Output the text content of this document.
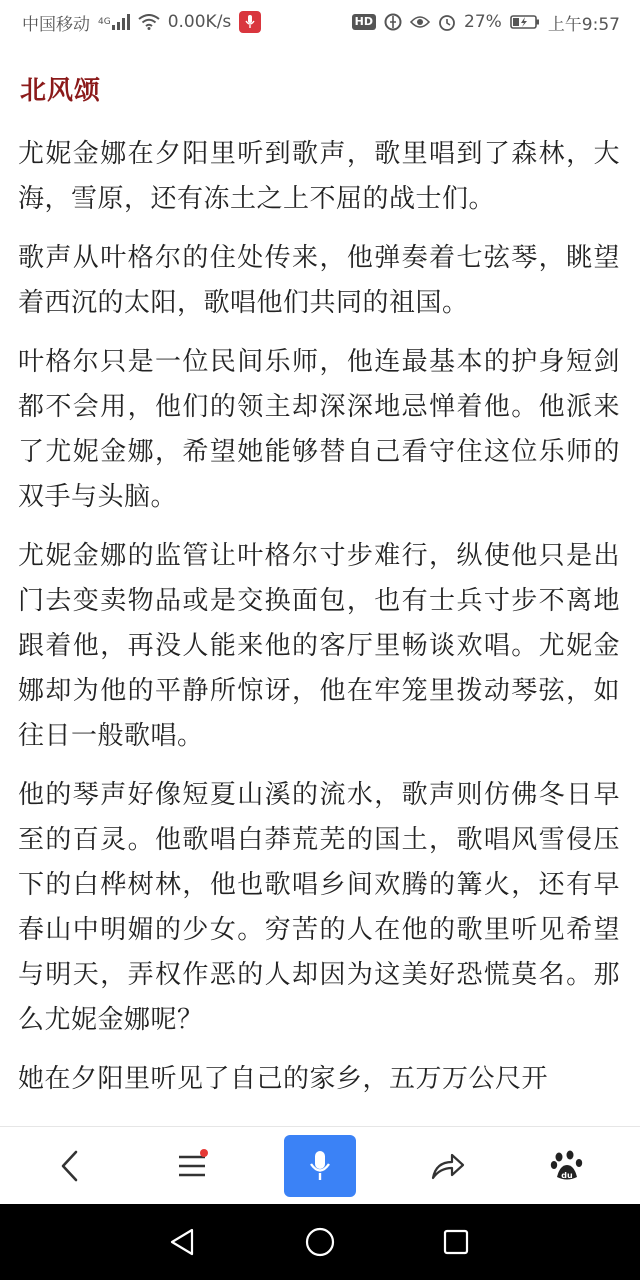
中国移动 4G	0.00K/s	HD	27%	上午9:57
北风颂

尤妮金娜在夕阳里听到歌声，歌里唱到了森林，大海，雪原，还有冻土之上不屈的战士们。

歌声从叶格尔的住处传来，他弹奏着七弦琴，眺望着西沉的太阳，歌唱他们共同的祖国。

叶格尔只是一位民间乐师，他连最基本的护身短剑都不会用，他们的领主却深深地忌惮着他。他派来了尤妮金娜，希望她能够替自己看守住这位乐师的双手与头脑。

尤妮金娜的监管让叶格尔寸步难行，纵使他只是出门去变卖物品或是交换面包，也有士兵寸步不离地跟着他，再没人能来他的客厅里畅谈欢唱。尤妮金娜却为他的平静所惊讶，他在牢笼里拨动琴弦，如往日一般歌唱。

他的琴声好像短夏山溪的流水，歌声则仿佛冬日早至的百灵。他歌唱白莽荒芜的国土，歌唱风雪侵压下的白桦树林，他也歌唱乡间欢腾的篝火，还有早春山中明媚的少女。穷苦的人在他的歌里听见希望与明天，弄权作恶的人却因为这美好恐慌莫名。那么尤妮金娜呢？

她在夕阳里听见了自己的家乡，五万万公尺开

du
